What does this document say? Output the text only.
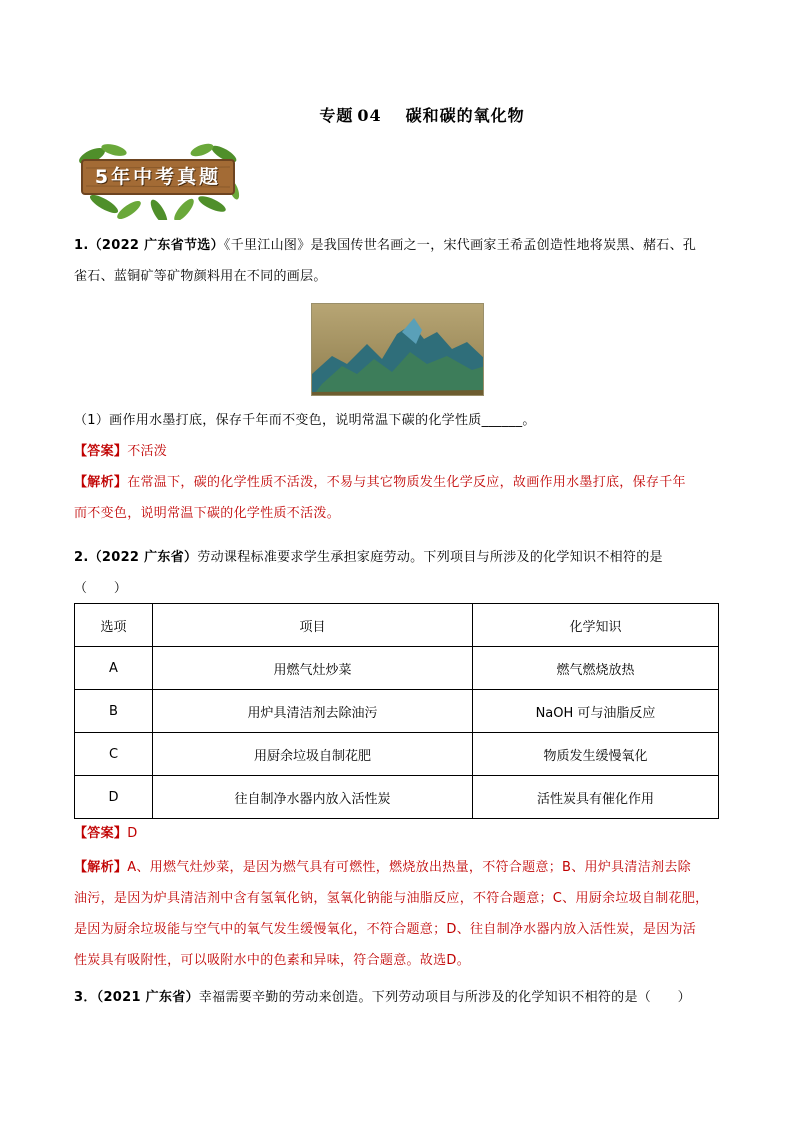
专题 04 碳和碳的氧化物
5年中考真题
1.（2022 广东省节选）《千里江山图》是我国传世名画之一，宋代画家王希孟创造性地将炭黑、赭石、孔
雀石、蓝铜矿等矿物颜料用在不同的画层。
（1）画作用水墨打底，保存千年而不变色，说明常温下碳的化学性质______。
【答案】不活泼
【解析】在常温下，碳的化学性质不活泼，不易与其它物质发生化学反应，故画作用水墨打底，保存千年
而不变色，说明常温下碳的化学性质不活泼。
2.（2022 广东省）劳动课程标准要求学生承担家庭劳动。下列项目与所涉及的化学知识不相符的是
（　　）
选项	项目	化学知识
A	用燃气灶炒菜	燃气燃烧放热
B	用炉具清洁剂去除油污	NaOH 可与油脂反应
C	用厨余垃圾自制花肥	物质发生缓慢氧化
D	往自制净水器内放入活性炭	活性炭具有催化作用
【答案】D
【解析】A、用燃气灶炒菜，是因为燃气具有可燃性，燃烧放出热量，不符合题意；B、用炉具清洁剂去除
油污，是因为炉具清洁剂中含有氢氧化钠，氢氧化钠能与油脂反应，不符合题意；C、用厨余垃圾自制花肥，
是因为厨余垃圾能与空气中的氧气发生缓慢氧化，不符合题意；D、往自制净水器内放入活性炭，是因为活
性炭具有吸附性，可以吸附水中的色素和异味，符合题意。故选D。
3．（2021 广东省）幸福需要辛勤的劳动来创造。下列劳动项目与所涉及的化学知识不相符的是（　　）
